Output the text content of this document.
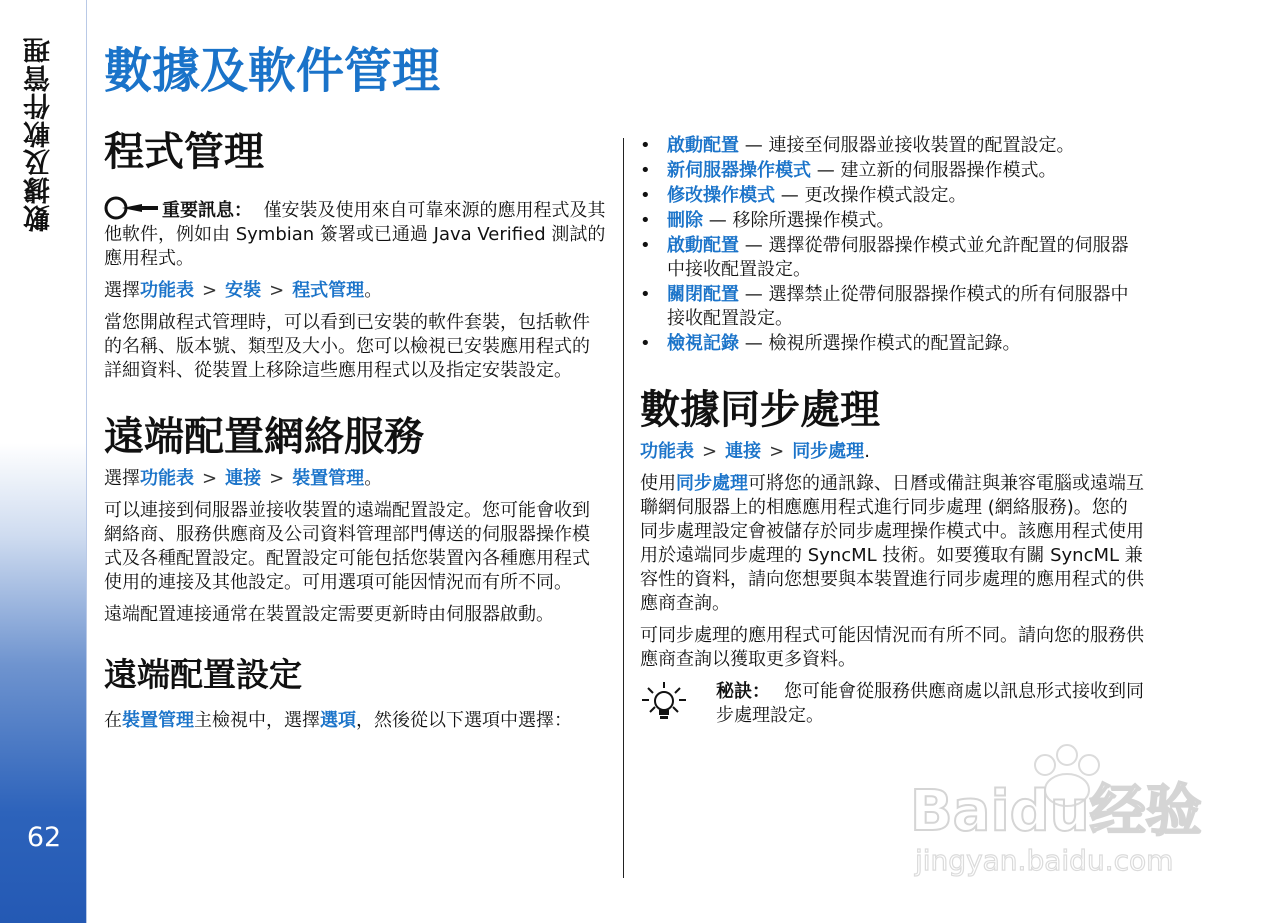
數據及軟件管理
62
數據及軟件管理
程式管理

重要訊息： 僅安裝及使用來自可靠來源的應用程式及其他軟件，例如由 Symbian 簽署或已通過 Java Verified 測試的應用程式。

選擇功能表 > 安裝 > 程式管理。

當您開啟程式管理時，可以看到已安裝的軟件套裝，包括軟件的名稱、版本號、類型及大小。您可以檢視已安裝應用程式的詳細資料、從裝置上移除這些應用程式以及指定安裝設定。

遠端配置網絡服務

選擇功能表 > 連接 > 裝置管理。

可以連接到伺服器並接收裝置的遠端配置設定。您可能會收到網絡商、服務供應商及公司資料管理部門傳送的伺服器操作模式及各種配置設定。配置設定可能包括您裝置內各種應用程式使用的連接及其他設定。可用選項可能因情況而有所不同。

遠端配置連接通常在裝置設定需要更新時由伺服器啟動。

遠端配置設定

在裝置管理主檢視中，選擇選項，然後從以下選項中選擇：

• 啟動配置 — 連接至伺服器並接收裝置的配置設定。
• 新伺服器操作模式 — 建立新的伺服器操作模式。
• 修改操作模式 — 更改操作模式設定。
• 刪除 — 移除所選操作模式。
• 啟動配置 — 選擇從帶伺服器操作模式並允許配置的伺服器中接收配置設定。
• 關閉配置 — 選擇禁止從帶伺服器操作模式的所有伺服器中接收配置設定。
• 檢視記錄 — 檢視所選操作模式的配置記錄。
數據同步處理

功能表 > 連接 > 同步處理.

使用同步處理可將您的通訊錄、日曆或備註與兼容電腦或遠端互聯網伺服器上的相應應用程式進行同步處理 (網絡服務)。您的同步處理設定會被儲存於同步處理操作模式中。該應用程式使用用於遠端同步處理的 SyncML 技術。如要獲取有關 SyncML 兼容性的資料，請向您想要與本裝置進行同步處理的應用程式的供應商查詢。

可同步處理的應用程式可能因情況而有所不同。請向您的服務供應商查詢以獲取更多資料。

秘訣： 您可能會從服務供應商處以訊息形式接收到同步處理設定。
Baidu经验
jingyan.baidu.com
